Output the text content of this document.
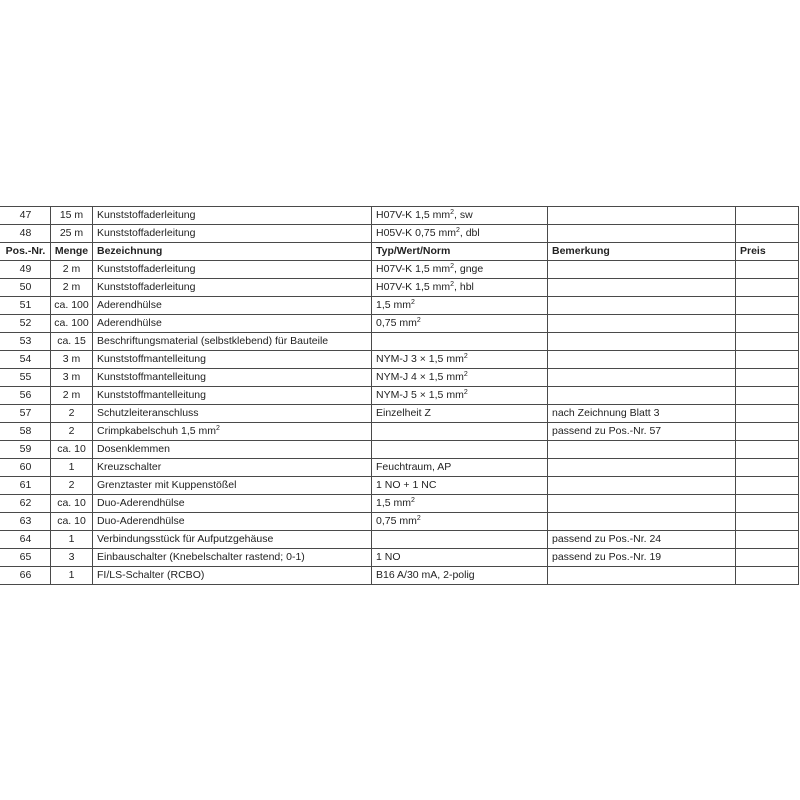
47	15 m	Kunststoffaderleitung	H07V-K 1,5 $mm^2$, sw		
48	25 m	Kunststoffaderleitung	H05V-K 0,75 $mm^2$, dbl		
Pos.-Nr.	Menge	Bezeichnung	Typ/Wert/Norm	Bemerkung	Preis
49	2 m	Kunststoffaderleitung	H07V-K 1,5 $mm^2$, gnge		
50	2 m	Kunststoffaderleitung	H07V-K 1,5 $mm^2$, hbl		
51	ca. 100	Aderendhülse	1,5 $mm^2$		
52	ca. 100	Aderendhülse	0,75 $mm^2$		
53	ca. 15	Beschriftungsmaterial (selbstklebend) für Bauteile			
54	3 m	Kunststoffmantelleitung	NYM-J 3 × 1,5 $mm^2$		
55	3 m	Kunststoffmantelleitung	NYM-J 4 × 1,5 $mm^2$		
56	2 m	Kunststoffmantelleitung	NYM-J 5 × 1,5 $mm^2$		
57	2	Schutzleiteranschluss	Einzelheit Z	nach Zeichnung Blatt 3	
58	2	Crimpkabelschuh 1,5 $mm^2$		passend zu Pos.-Nr. 57	
59	ca. 10	Dosenklemmen			
60	1	Kreuzschalter	Feuchtraum, AP		
61	2	Grenztaster mit Kuppenstößel	1 NO + 1 NC		
62	ca. 10	Duo-Aderendhülse	1,5 $mm^2$		
63	ca. 10	Duo-Aderendhülse	0,75 $mm^2$		
64	1	Verbindungsstück für Aufputzgehäuse		passend zu Pos.-Nr. 24	
65	3	Einbauschalter (Knebelschalter rastend; 0-1)	1 NO	passend zu Pos.-Nr. 19	
66	1	FI/LS-Schalter (RCBO)	B16 A/30 mA, 2-polig		
